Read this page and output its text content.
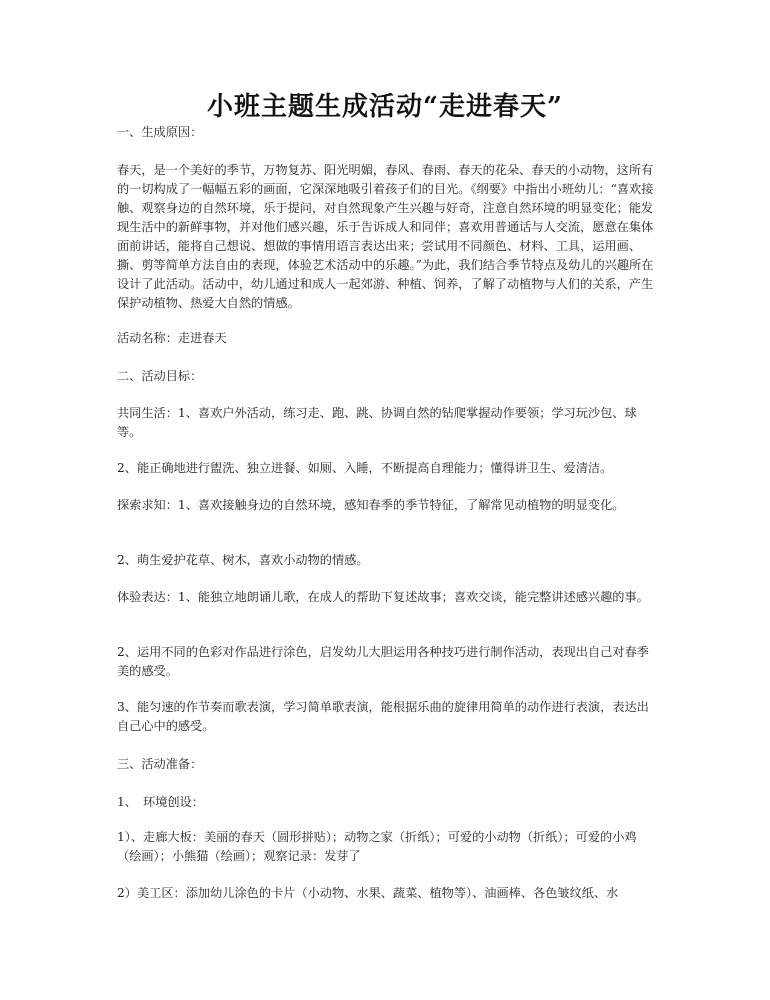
小班主题生成活动“走进春天”
一、生成原因：
春天，是一个美好的季节，万物复苏、阳光明媚，春风、春雨、春天的花朵、春天的小动物，这所有的一切构成了一幅幅五彩的画面，它深深地吸引着孩子们的目光。《纲要》中指出小班幼儿：“喜欢接触、观察身边的自然环境，乐于提问，对自然现象产生兴趣与好奇，注意自然环境的明显变化；能发现生活中的新鲜事物，并对他们感兴趣，乐于告诉成人和同伴；喜欢用普通话与人交流，愿意在集体面前讲话，能将自己想说、想做的事情用语言表达出来；尝试用不同颜色、材料、工具，运用画、撕、剪等简单方法自由的表现，体验艺术活动中的乐趣。”为此，我们结合季节特点及幼儿的兴趣所在设计了此活动。活动中，幼儿通过和成人一起郊游、种植、饲养，了解了动植物与人们的关系，产生保护动植物、热爱大自然的情感。
活动名称：走进春天
二、活动目标：
共同生活：1、喜欢户外活动，练习走、跑、跳、协调自然的钻爬掌握动作要领；学习玩沙包、球等。
2、能正确地进行盥洗、独立进餐、如厕、入睡，不断提高自理能力；懂得讲卫生、爱清洁。
探索求知：1、喜欢接触身边的自然环境，感知春季的季节特征，了解常见动植物的明显变化。
2、萌生爱护花草、树木，喜欢小动物的情感。
体验表达：1、能独立地朗诵儿歌，在成人的帮助下复述故事；喜欢交谈，能完整讲述感兴趣的事。
2、运用不同的色彩对作品进行涂色，启发幼儿大胆运用各种技巧进行制作活动，表现出自己对春季美的感受。
3、能匀速的作节奏而歌表演，学习简单歌表演，能根据乐曲的旋律用简单的动作进行表演，表达出自己心中的感受。
三、活动准备：
1、　环境创设：
1）、走廊大板：美丽的春天（圆形拼贴）；动物之家（折纸）；可爱的小动物（折纸）；可爱的小鸡（绘画）；小熊猫（绘画）；观察记录：发芽了
2）美工区：添加幼儿涂色的卡片（小动物、水果、蔬菜、植物等）、油画棒、各色皱纹纸、水
